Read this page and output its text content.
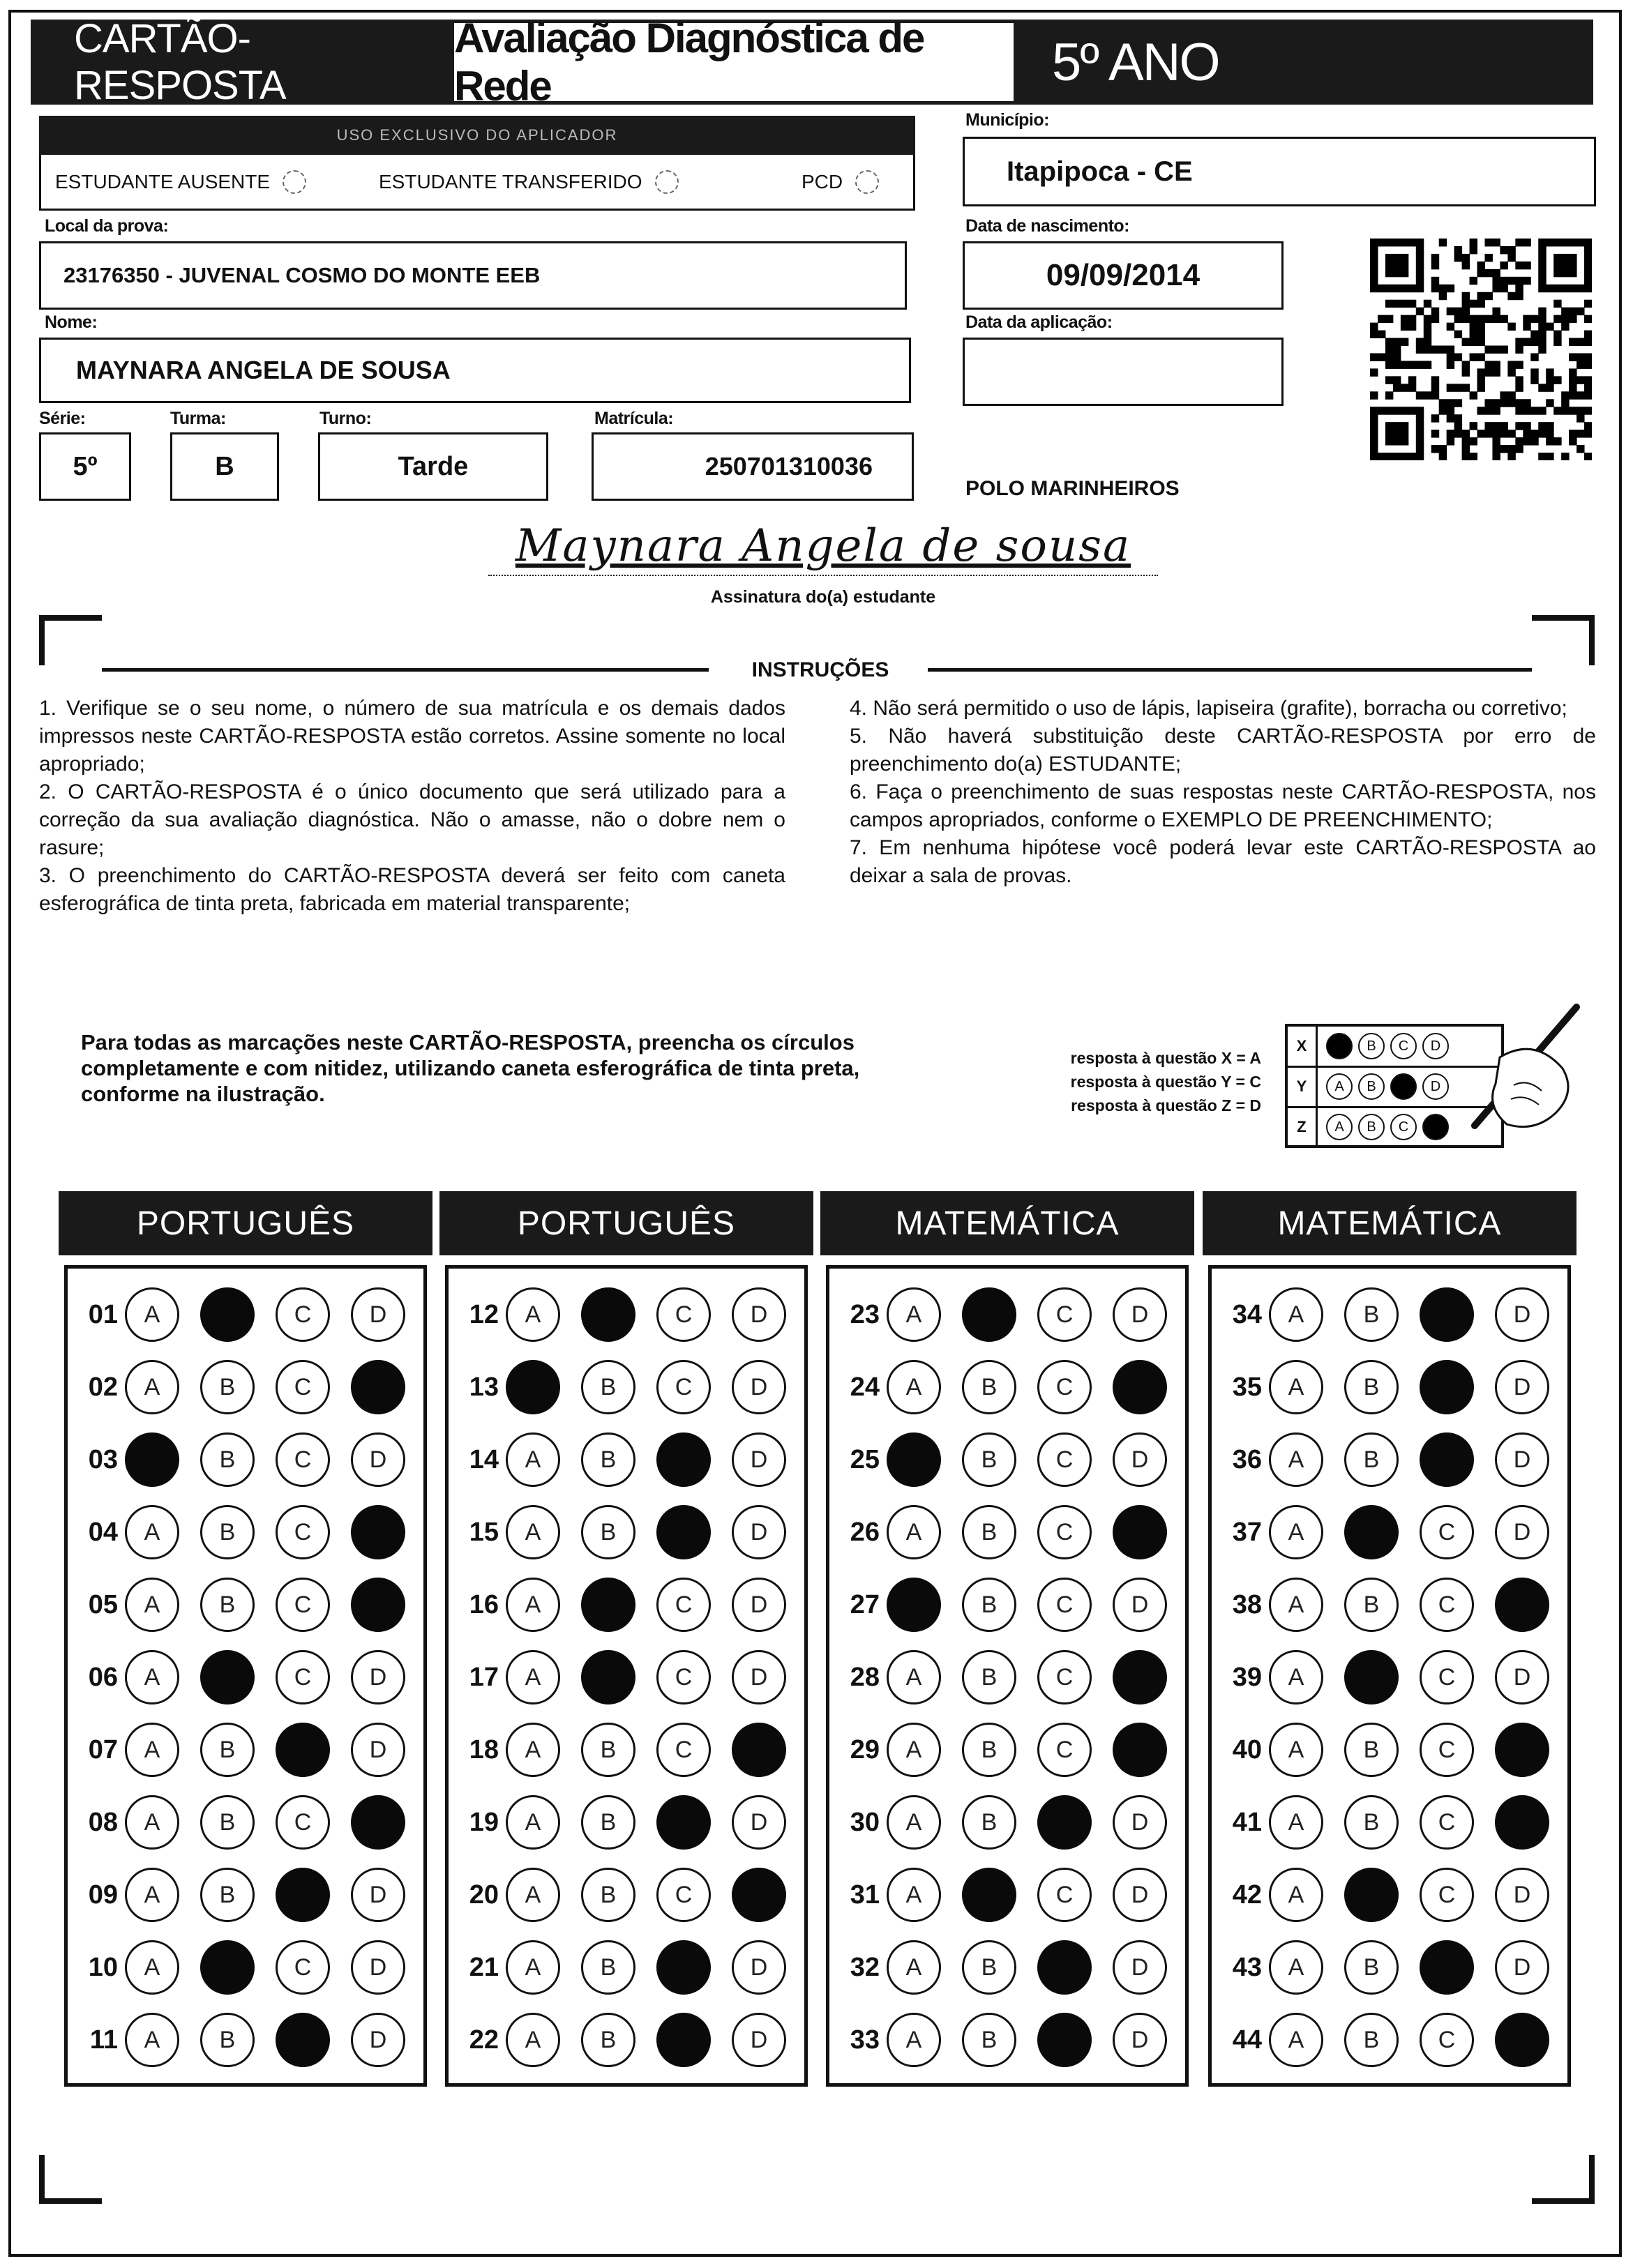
CARTÃO-RESPOSTA
Avaliação Diagnóstica de Rede	5º ANO
USO EXCLUSIVO DO APLICADOR
ESTUDANTE AUSENTE	ESTUDANTE TRANSFERIDO	PCD
Local da prova:
23176350 - JUVENAL COSMO DO MONTE EEB
Nome:
MAYNARA ANGELA DE SOUSA
Série:
5º
Turma:
B
Turno:
Tarde
Matrícula:
250701310036
Município:
Itapipoca - CE
Data de nascimento:
09/09/2014
Data da aplicação:
POLO MARINHEIROS
Maynara Angela de sousa
Assinatura do(a) estudante
INSTRUÇÕES

1. Verifique se o seu nome, o número de sua matrícula e os demais dados impressos neste CARTÃO-RESPOSTA estão corretos. Assine somente no local apropriado;

2. O CARTÃO-RESPOSTA é o único documento que será utilizado para a correção da sua avaliação diagnóstica. Não o amasse, não o dobre nem o rasure;

3. O preenchimento do CARTÃO-RESPOSTA deverá ser feito com caneta esferográfica de tinta preta, fabricada em material transparente;

4. Não será permitido o uso de lápis, lapiseira (grafite), borracha ou corretivo;

5. Não haverá substituição deste CARTÃO-RESPOSTA por erro de preenchimento do(a) ESTUDANTE;

6. Faça o preenchimento de suas respostas neste CARTÃO-RESPOSTA, nos campos apropriados, conforme o EXEMPLO DE PREENCHIMENTO;

7. Em nenhuma hipótese você poderá levar este CARTÃO-RESPOSTA ao deixar a sala de provas.

Para todas as marcações neste CARTÃO-RESPOSTA, preencha os círculos completamente e com nitidez, utilizando caneta esferográfica de tinta preta, conforme na ilustração.
resposta à questão X = A
resposta à questão Y = C
resposta à questão Z = D
X	B	C	D
Y	A	B	D
Z	A	B	C
PORTUGUÊS
01	A	C	D
02	A	B	C
03	B	C	D
04	A	B	C
05	A	B	C
06	A	C	D
07	A	B	D
08	A	B	C
09	A	B	D
10	A	C	D
11	A	B	D
PORTUGUÊS
12	A	C	D
13	B	C	D
14	A	B	D
15	A	B	D
16	A	C	D
17	A	C	D
18	A	B	C
19	A	B	D
20	A	B	C
21	A	B	D
22	A	B	D
MATEMÁTICA
23	A	C	D
24	A	B	C
25	B	C	D
26	A	B	C
27	B	C	D
28	A	B	C
29	A	B	C
30	A	B	D
31	A	C	D
32	A	B	D
33	A	B	D
MATEMÁTICA
34	A	B	D
35	A	B	D
36	A	B	D
37	A	C	D
38	A	B	C
39	A	C	D
40	A	B	C
41	A	B	C
42	A	C	D
43	A	B	D
44	A	B	C
